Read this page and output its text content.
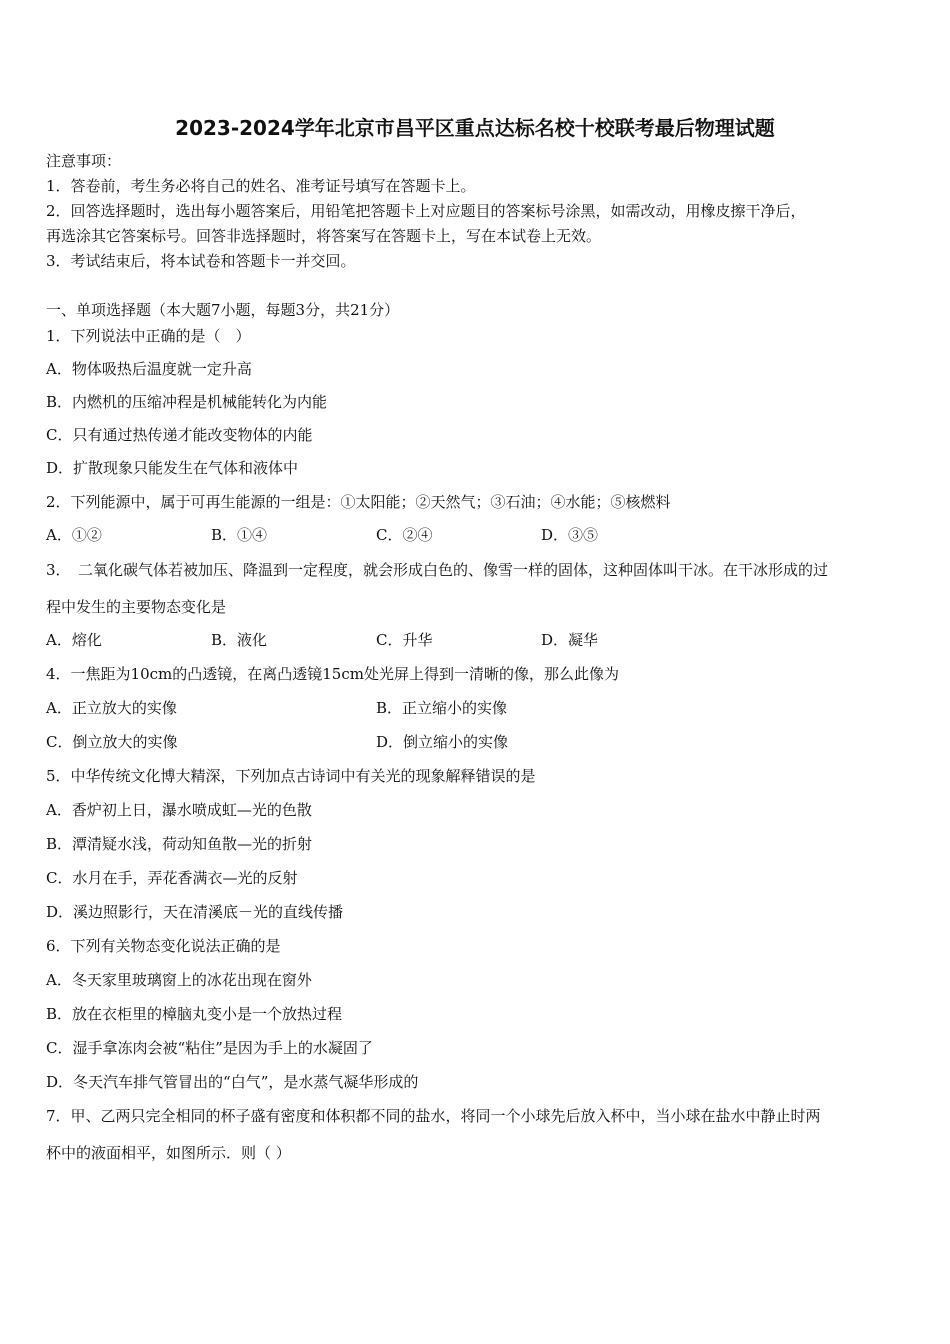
2023-2024学年北京市昌平区重点达标名校十校联考最后物理试题
注意事项：
1．答卷前，考生务必将自己的姓名、准考证号填写在答题卡上。
2．回答选择题时，选出每小题答案后，用铅笔把答题卡上对应题目的答案标号涂黑，如需改动，用橡皮擦干净后，
再选涂其它答案标号。回答非选择题时，将答案写在答题卡上，写在本试卷上无效。
3．考试结束后，将本试卷和答题卡一并交回。
一、单项选择题（本大题7小题，每题3分，共21分）
1．下列说法中正确的是（　）
A．物体吸热后温度就一定升高
B．内燃机的压缩冲程是机械能转化为内能
C．只有通过热传递才能改变物体的内能
D．扩散现象只能发生在气体和液体中
2．下列能源中，属于可再生能源的一组是：①太阳能；②天然气；③石油；④水能；⑤核燃料
A．①②	B．①④	C．②④	D．③⑤
3．　二氧化碳气体若被加压、降温到一定程度，就会形成白色的、像雪一样的固体，这种固体叫干冰。在干冰形成的过
程中发生的主要物态变化是
A．熔化	B．液化	C．升华	D．凝华
4．一焦距为10cm的凸透镜，在离凸透镜15cm处光屏上得到一清晰的像，那么此像为
A．正立放大的实像	B．正立缩小的实像
C．倒立放大的实像	D．倒立缩小的实像
5．中华传统文化博大精深，下列加点古诗词中有关光的现象解释错误的是
A．香炉初上日，瀑水喷成虹—光的色散
B．潭清疑水浅，荷动知鱼散—光的折射
C．水月在手，弄花香满衣—光的反射
D．溪边照影行，天在清溪底－光的直线传播
6．下列有关物态变化说法正确的是
A．冬天家里玻璃窗上的冰花出现在窗外
B．放在衣柜里的樟脑丸变小是一个放热过程
C．湿手拿冻肉会被“粘住”是因为手上的水凝固了
D．冬天汽车排气管冒出的“白气”，是水蒸气凝华形成的
7．甲、乙两只完全相同的杯子盛有密度和体积都不同的盐水，将同一个小球先后放入杯中，当小球在盐水中静止时两
杯中的液面相平，如图所示．则（ ）
